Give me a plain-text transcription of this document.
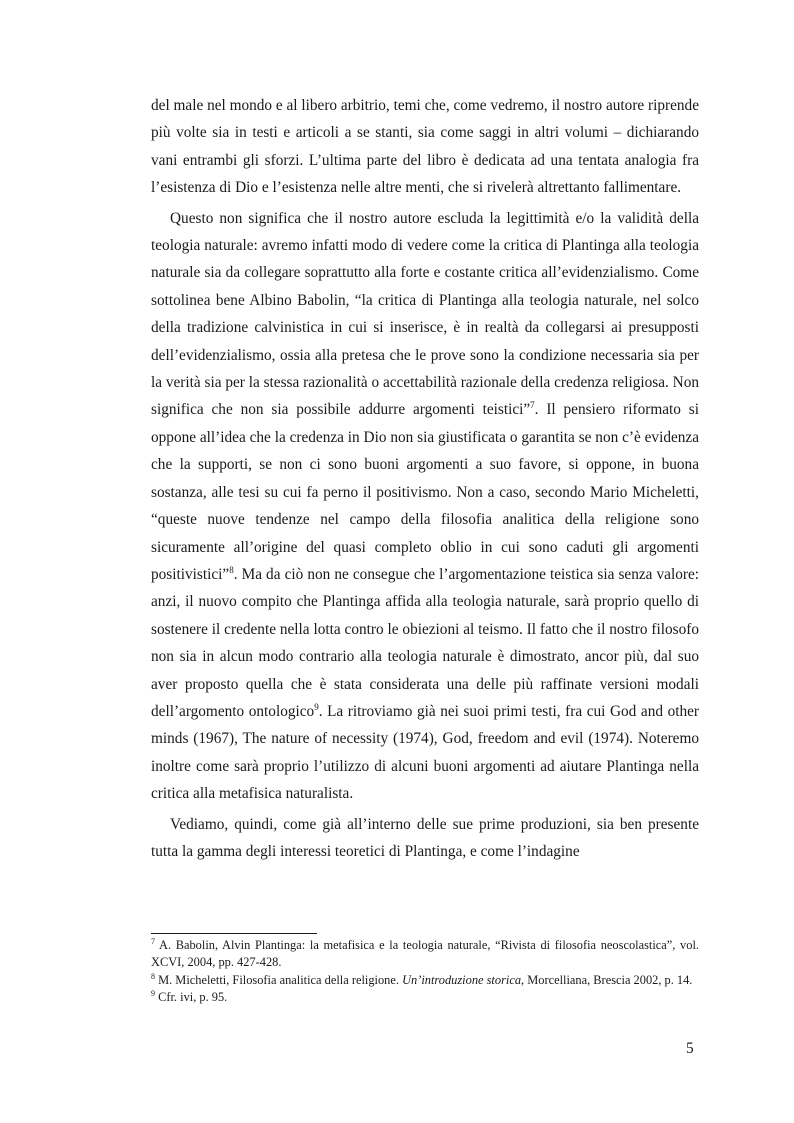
del male nel mondo e al libero arbitrio, temi che, come vedremo, il nostro autore riprende più volte sia in testi e articoli a se stanti, sia come saggi in altri volumi – dichiarando vani entrambi gli sforzi. L’ultima parte del libro è dedicata ad una tentata analogia fra l’esistenza di Dio e l’esistenza nelle altre menti, che si rivelerà altrettanto fallimentare.

Questo non significa che il nostro autore escluda la legittimità e/o la validità della teologia naturale: avremo infatti modo di vedere come la critica di Plantinga alla teologia naturale sia da collegare soprattutto alla forte e costante critica all’evidenzialismo. Come sottolinea bene Albino Babolin, “la critica di Plantinga alla teologia naturale, nel solco della tradizione calvinistica in cui si inserisce, è in realtà da collegarsi ai presupposti dell’evidenzialismo, ossia alla pretesa che le prove sono la condizione necessaria sia per la verità sia per la stessa razionalità o accettabilità razionale della credenza religiosa. Non significa che non sia possibile addurre argomenti teistici”$^7$. Il pensiero riformato si oppone all’idea che la credenza in Dio non sia giustificata o garantita se non c’è evidenza che la supporti, se non ci sono buoni argomenti a suo favore, si oppone, in buona sostanza, alle tesi su cui fa perno il positivismo. Non a caso, secondo Mario Micheletti, “queste nuove tendenze nel campo della filosofia analitica della religione sono sicuramente all’origine del quasi completo oblio in cui sono caduti gli argomenti positivistici”$^8$. Ma da ciò non ne consegue che l’argomentazione teistica sia senza valore: anzi, il nuovo compito che Plantinga affida alla teologia naturale, sarà proprio quello di sostenere il credente nella lotta contro le obiezioni al teismo. Il fatto che il nostro filosofo non sia in alcun modo contrario alla teologia naturale è dimostrato, ancor più, dal suo aver proposto quella che è stata considerata una delle più raffinate versioni modali dell’argomento ontologico$^9$. La ritroviamo già nei suoi primi testi, fra cui God and other minds (1967), The nature of necessity (1974), God, freedom and evil (1974). Noteremo inoltre come sarà proprio l’utilizzo di alcuni buoni argomenti ad aiutare Plantinga nella critica alla metafisica naturalista.

Vediamo, quindi, come già all’interno delle sue prime produzioni, sia ben presente tutta la gamma degli interessi teoretici di Plantinga, e come l’indagine

$^7$ A. Babolin, Alvin Plantinga: la metafisica e la teologia naturale, “Rivista di filosofia neoscolastica”, vol. XCVI, 2004, pp. 427-428.

$^8$ M. Micheletti, Filosofia analitica della religione. Un’introduzione storica, Morcelliana, Brescia 2002, p. 14.

$^9$ Cfr. ivi, p. 95.

5
